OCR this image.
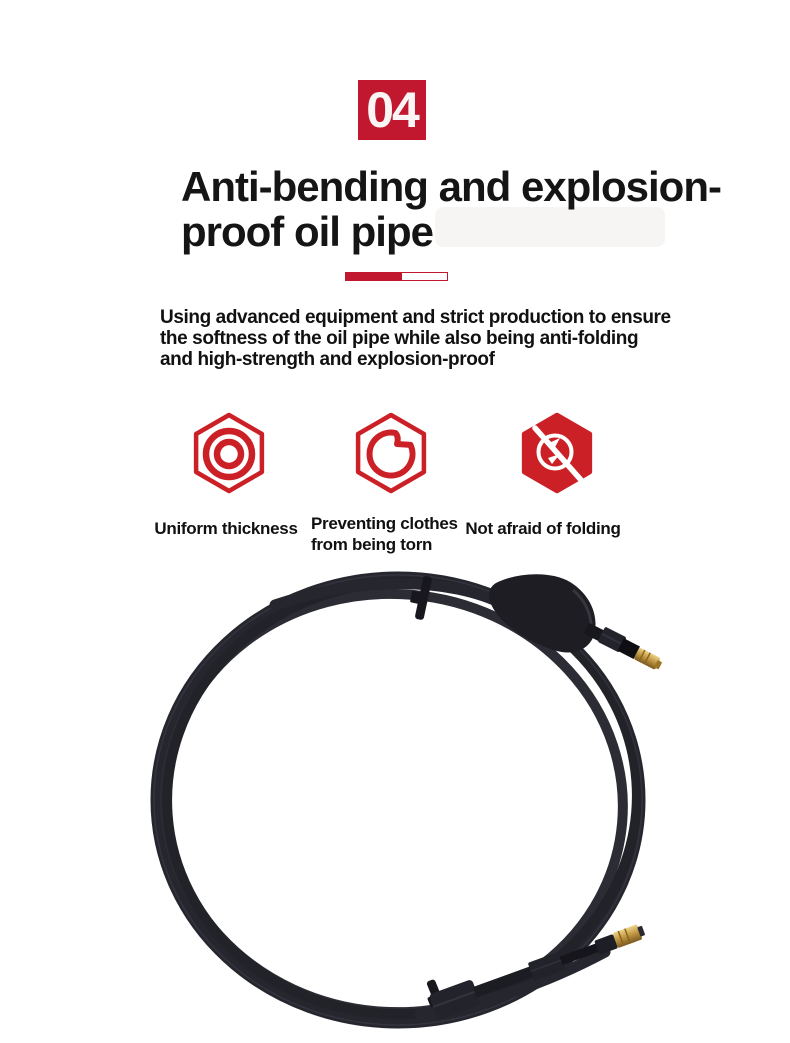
04
Anti-bending and explosion-
proof oil pipe
Using advanced equipment and strict production to ensure
the softness of the oil pipe while also being anti-folding
and high-strength and explosion-proof
Uniform thickness Preventing clothes
from being torn
Not afraid of folding
